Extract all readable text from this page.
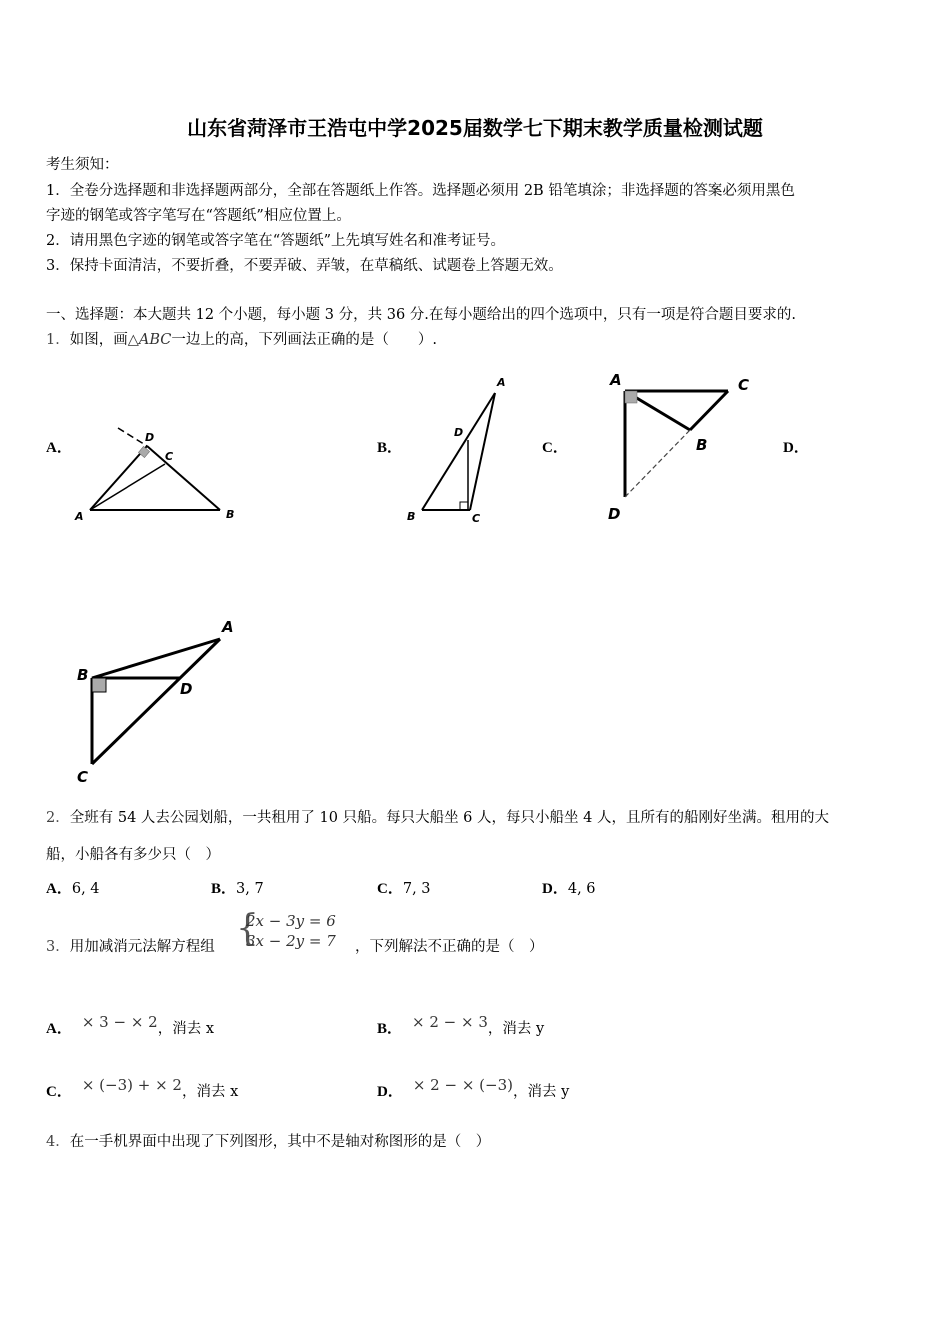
山东省菏泽市王浩屯中学2025届数学七下期末教学质量检测试题
考生须知：
1．全卷分选择题和非选择题两部分，全部在答题纸上作答。选择题必须用 2B 铅笔填涂；非选择题的答案必须用黑色
字迹的钢笔或答字笔写在“答题纸”相应位置上。
2．请用黑色字迹的钢笔或答字笔在“答题纸”上先填写姓名和准考证号。
3．保持卡面清洁，不要折叠，不要弄破、弄皱，在草稿纸、试题卷上答题无效。
一、选择题：本大题共 12 个小题，每小题 3 分，共 36 分.在每小题给出的四个选项中，只有一项是符合题目要求的.
1．如图，画△ABC一边上的高，下列画法正确的是（　　）.
A．	B．	C．	D．
A	B
C
D
A
B	C
D
A
B
C
D
A
B
C
D
2．全班有 54 人去公园划船，一共租用了 10 只船。每只大船坐 6 人，每只小船坐 4 人，且所有的船刚好坐满。租用的大
船，小船各有多少只（　）
A．6, 4	B．3, 7	C．7, 3	D．4, 6
3．用加减消元法解方程组 {
2x − 3y = 6
3x − 2y = 7 ，下列解法不正确的是（　）
A． × 3 − × 2，消去 x	B． × 2 − × 3，消去 y
C． × (−3) + × 2，消去 x	D． × 2 − × (−3)，消去 y
4．在一手机界面中出现了下列图形，其中不是轴对称图形的是（　）
